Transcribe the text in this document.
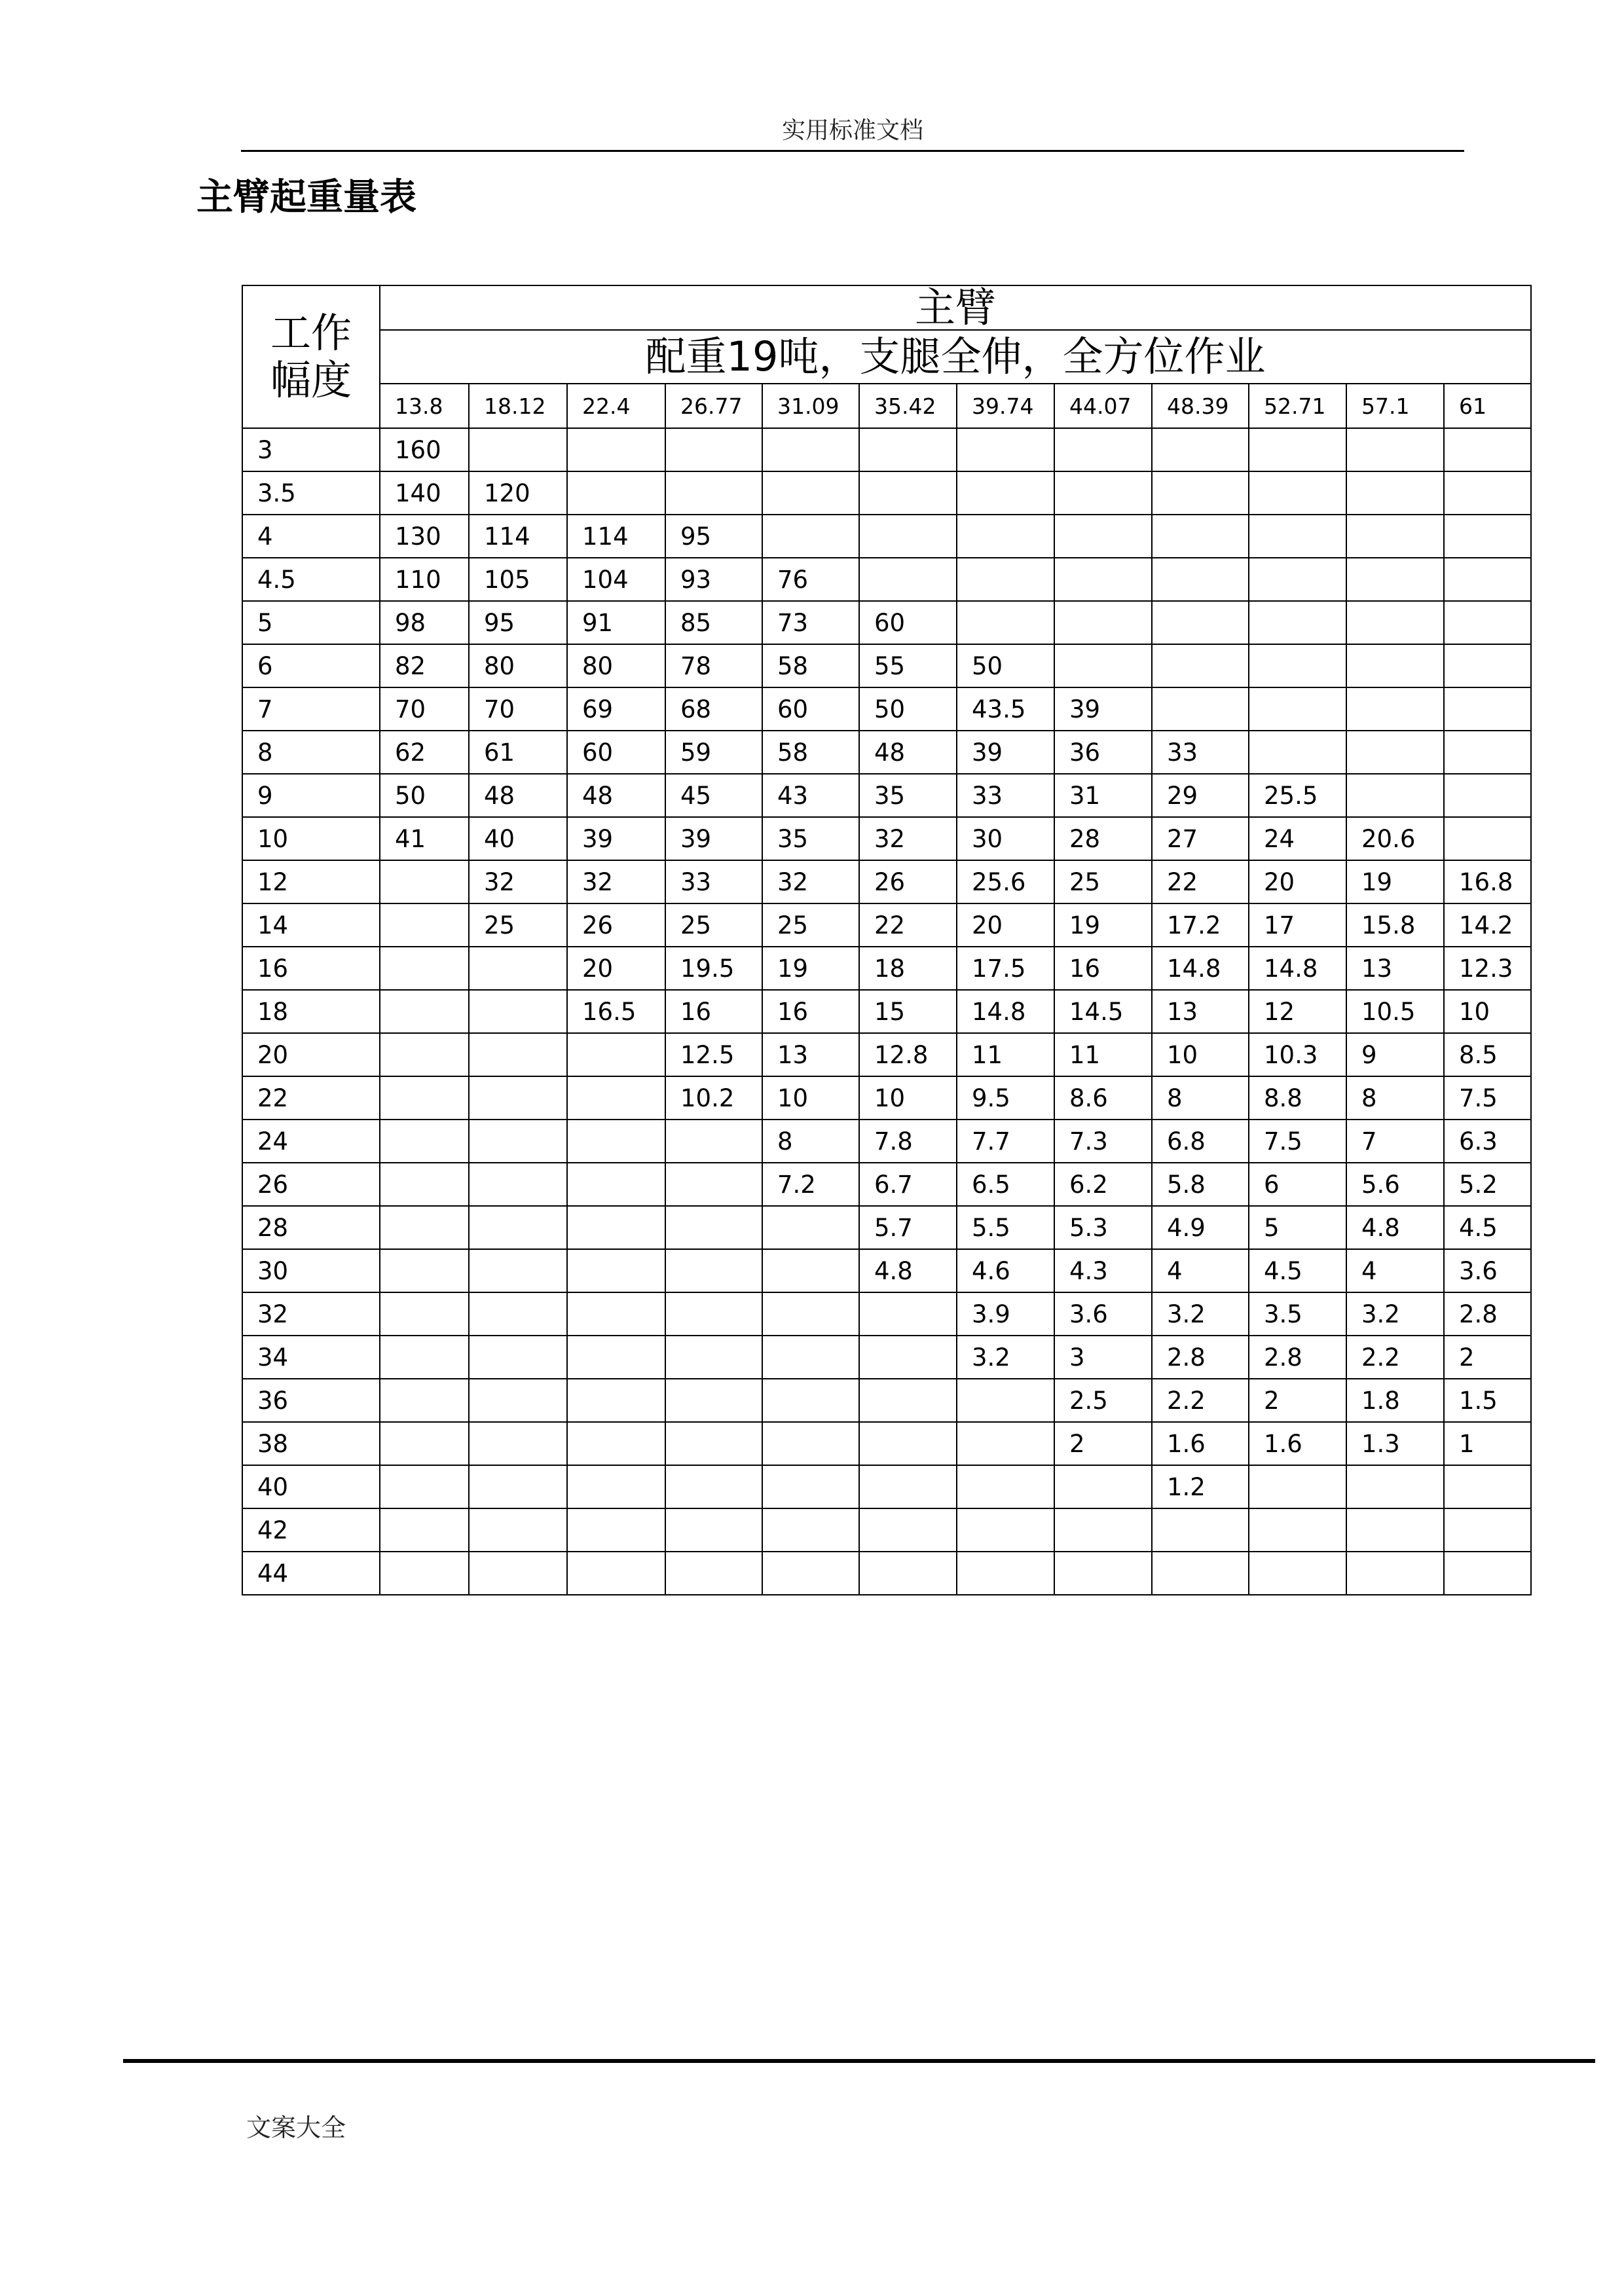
实用标准文档
主臂起重量表
工作
幅度	主臂											
	配重19吨，支腿全伸，全方位作业											
	13.8	18.12	22.4	26.77	31.09	35.42	39.74	44.07	48.39	52.71	57.1	61
3	160											
3.5	140	120										
4	130	114	114	95								
4.5	110	105	104	93	76							
5	98	95	91	85	73	60						
6	82	80	80	78	58	55	50					
7	70	70	69	68	60	50	43.5	39				
8	62	61	60	59	58	48	39	36	33			
9	50	48	48	45	43	35	33	31	29	25.5		
10	41	40	39	39	35	32	30	28	27	24	20.6	
12		32	32	33	32	26	25.6	25	22	20	19	16.8
14		25	26	25	25	22	20	19	17.2	17	15.8	14.2
16			20	19.5	19	18	17.5	16	14.8	14.8	13	12.3
18			16.5	16	16	15	14.8	14.5	13	12	10.5	10
20				12.5	13	12.8	11	11	10	10.3	9	8.5
22				10.2	10	10	9.5	8.6	8	8.8	8	7.5
24					8	7.8	7.7	7.3	6.8	7.5	7	6.3
26					7.2	6.7	6.5	6.2	5.8	6	5.6	5.2
28						5.7	5.5	5.3	4.9	5	4.8	4.5
30						4.8	4.6	4.3	4	4.5	4	3.6
32							3.9	3.6	3.2	3.5	3.2	2.8
34							3.2	3	2.8	2.8	2.2	2
36								2.5	2.2	2	1.8	1.5
38								2	1.6	1.6	1.3	1
40									1.2			
42												
44												
文案大全
